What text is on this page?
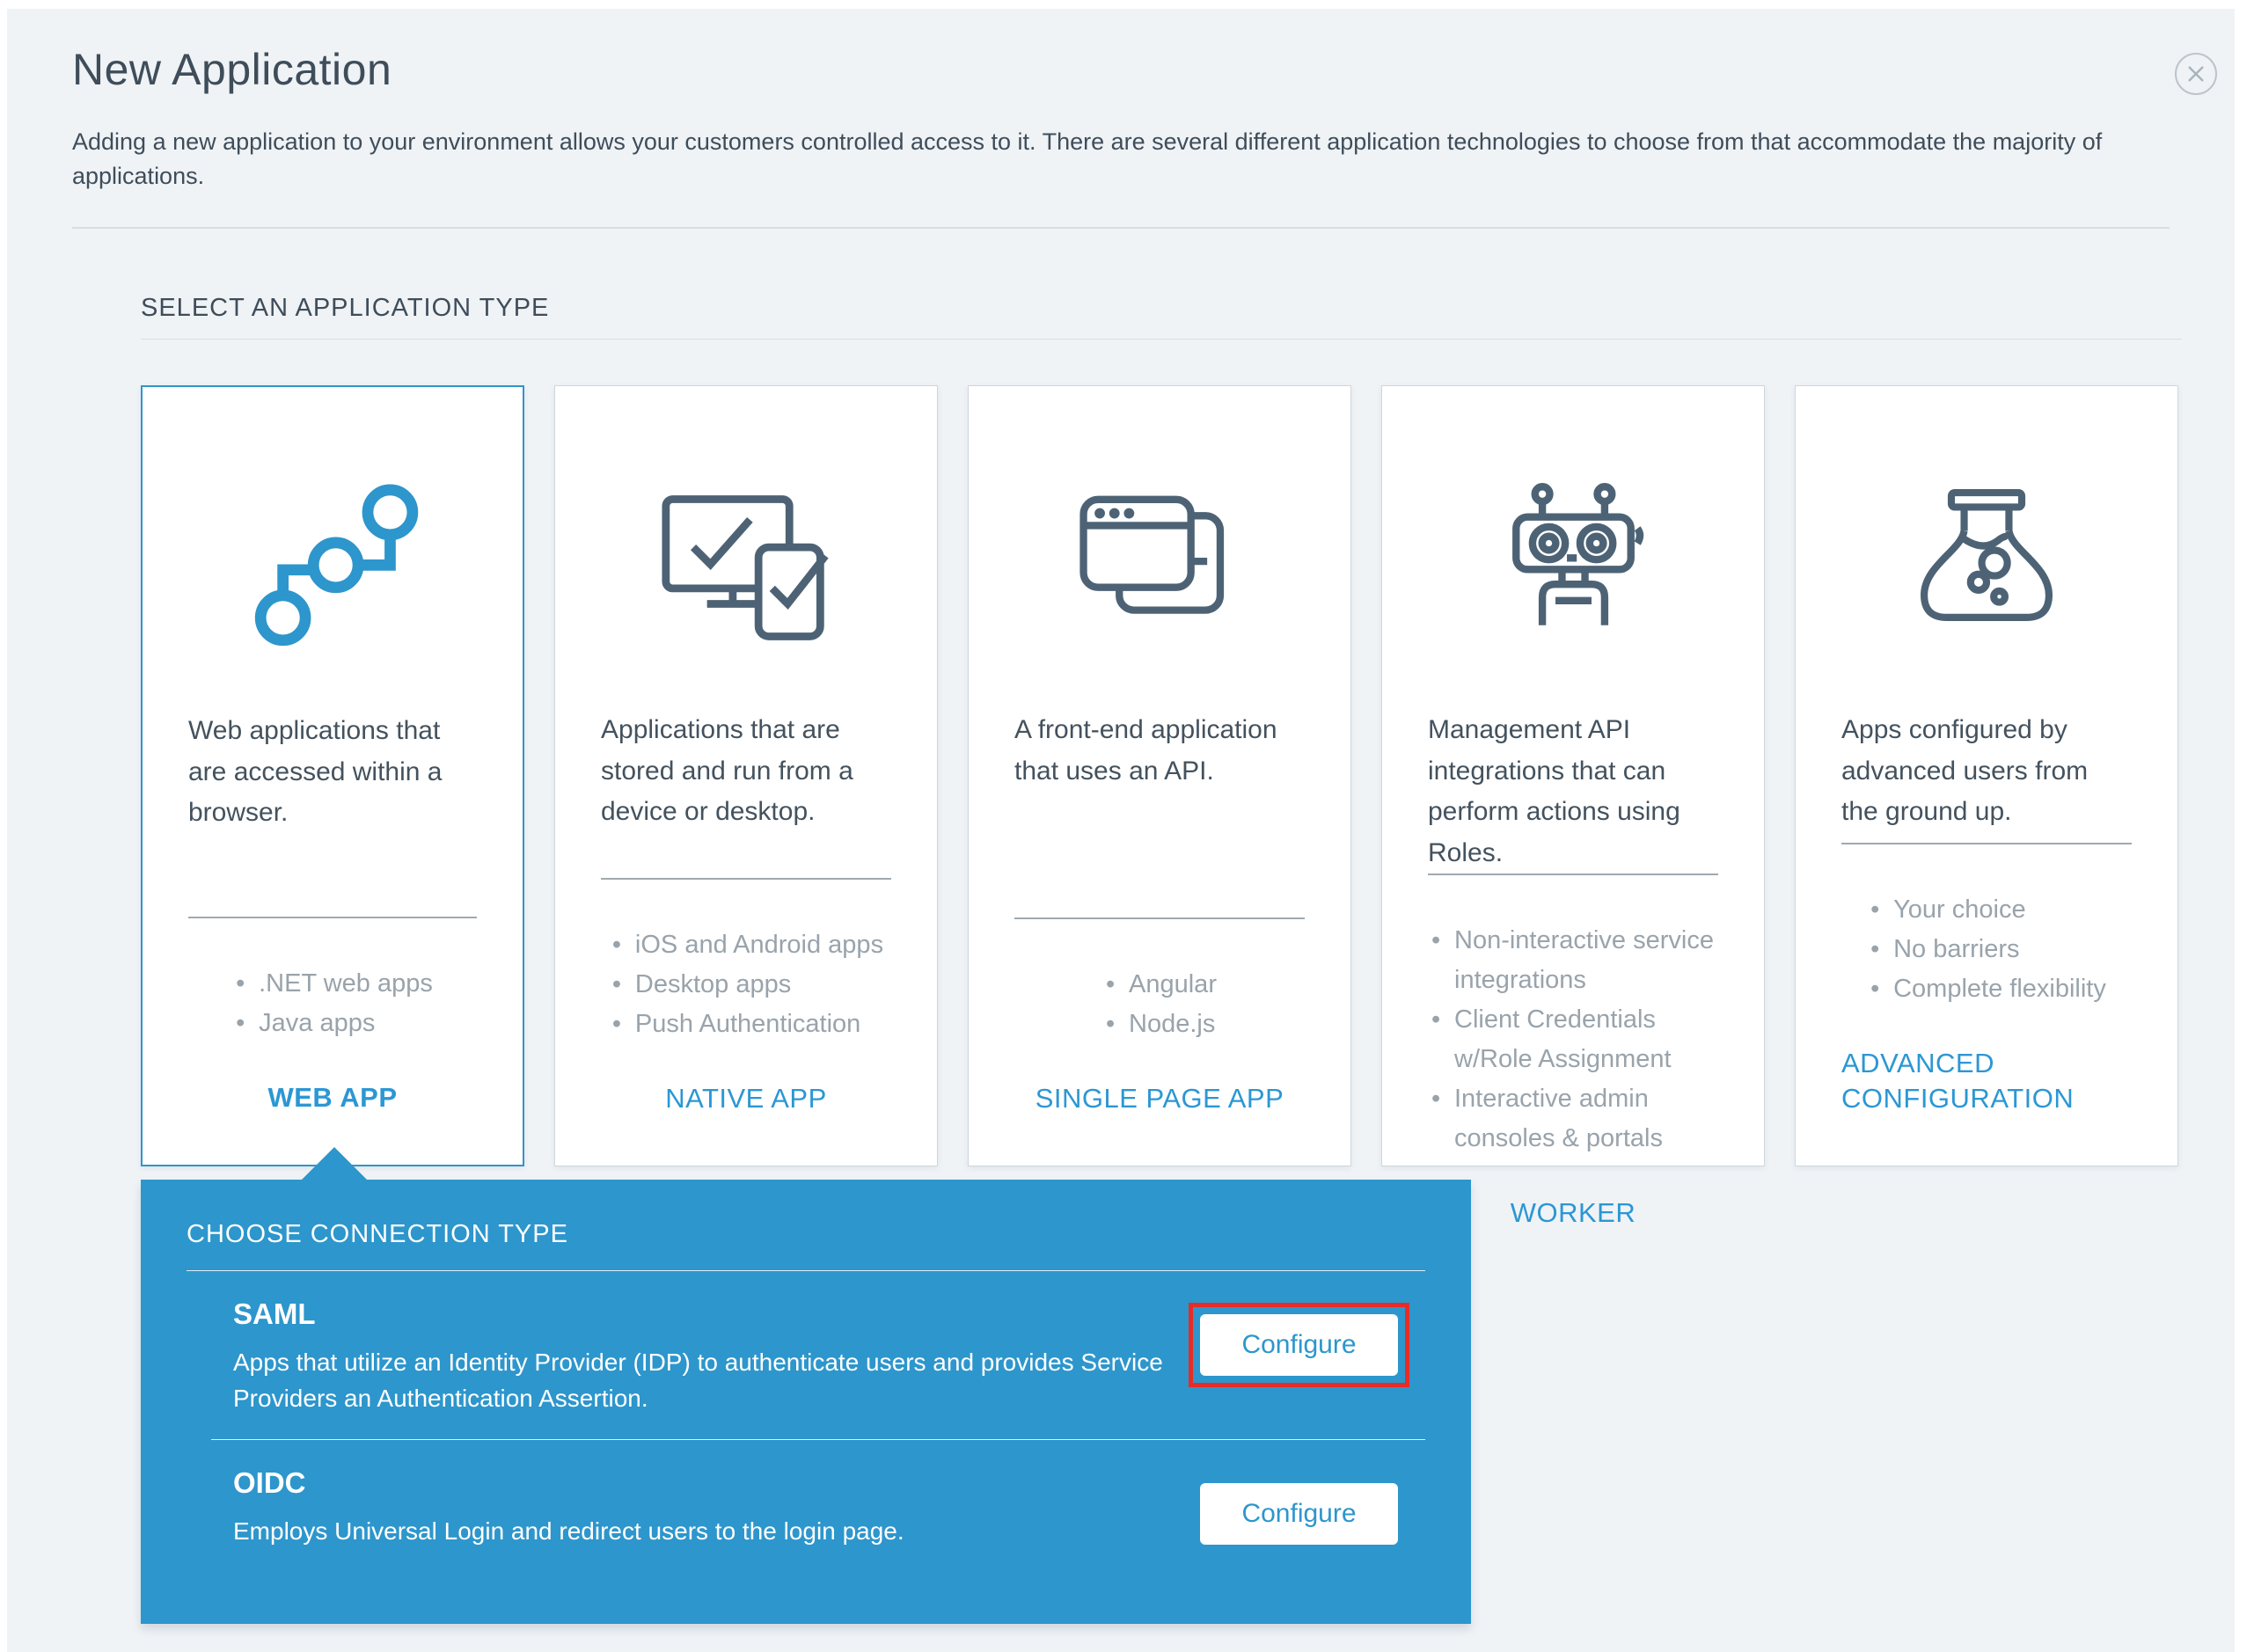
New Application

Adding a new application to your environment allows your customers controlled access to it. There are several different application technologies to choose from that accommodate the majority of applications.

SELECT AN APPLICATION TYPE
Web applications that are accessed within a browser.
• .NET web apps
• Java apps
WEB APP
Applications that are stored and run from a device or desktop.
• iOS and Android apps
• Desktop apps
• Push Authentication
NATIVE APP
A front-end application that uses an API.
• Angular
• Node.js
SINGLE PAGE APP
Management API integrations that can perform actions using Roles.
• Non-interactive service integrations
• Client Credentials w/Role Assignment
• Interactive admin consoles & portals
WORKER
Apps configured by advanced users from the ground up.
• Your choice
• No barriers
• Complete flexibility
ADVANCED CONFIGURATION
CHOOSE CONNECTION TYPE
SAML

Apps that utilize an Identity Provider (IDP) to authenticate users and provides Service Providers an Authentication Assertion.

Configure
OIDC

Employs Universal Login and redirect users to the login page.

Configure
